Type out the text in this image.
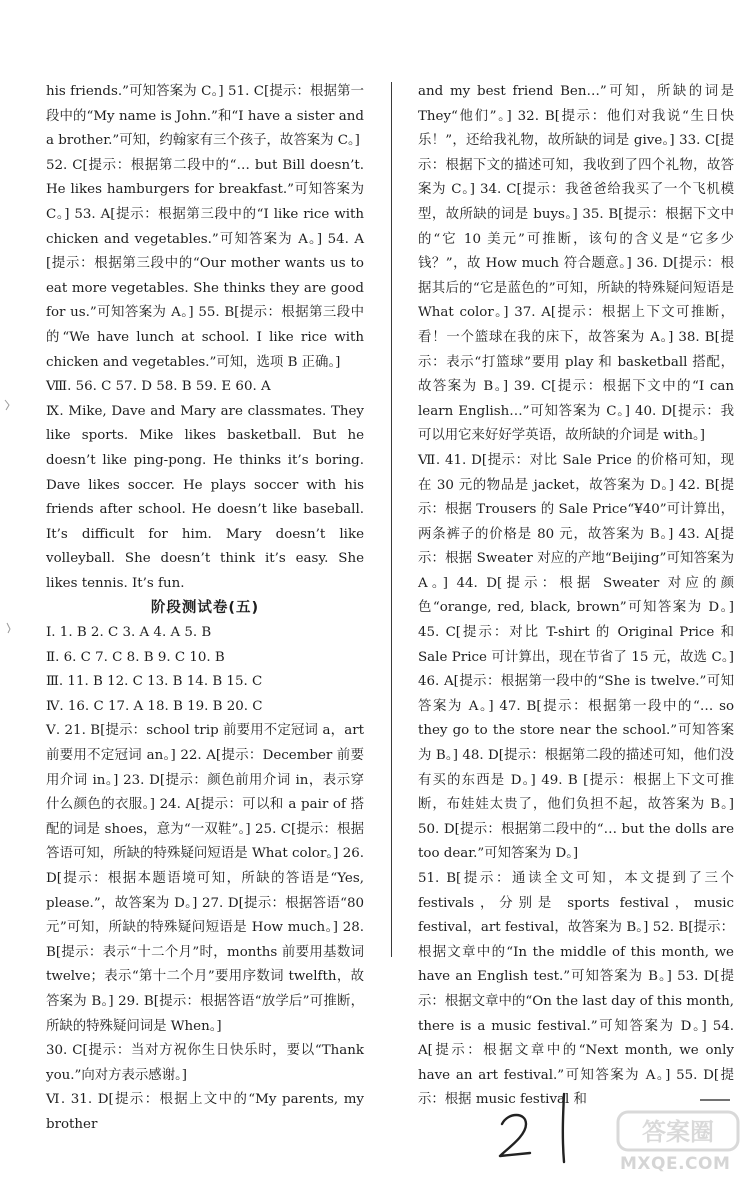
his friends.”可知答案为 C。] 51. C[提示：根据第一段中的“My name is John.”和“I have a sister and a brother.”可知，约翰家有三个孩子，故答案为 C。]

52. C[提示：根据第二段中的“… but Bill doesn’t. He likes hamburgers for breakfast.”可知答案为 C。] 53. A[提示：根据第三段中的“I like rice with chicken and vegetables.”可知答案为 A。] 54. A [提示：根据第三段中的“Our mother wants us to eat more vegetables. She thinks they are good for us.”可知答案为 A。] 55. B[提示：根据第三段中的“We have lunch at school. I like rice with chicken and vegetables.”可知，选项 B 正确。]

Ⅷ. 56. C 57. D 58. B 59. E 60. A

Ⅸ. Mike, Dave and Mary are classmates. They like sports. Mike likes basketball. But he doesn’t like ping-pong. He thinks it’s boring. Dave likes soccer. He plays soccer with his friends after school. He doesn’t like baseball. It’s difficult for him. Mary doesn’t like volleyball. She doesn’t think it’s easy. She likes tennis. It’s fun.

阶段测试卷(五)

Ⅰ. 1. B 2. C 3. A 4. A 5. B

Ⅱ. 6. C 7. C 8. B 9. C 10. B

Ⅲ. 11. B 12. C 13. B 14. B 15. C

Ⅳ. 16. C 17. A 18. B 19. B 20. C

Ⅴ. 21. B[提示：school trip 前要用不定冠词 a，art 前要用不定冠词 an。] 22. A[提示：December 前要用介词 in。] 23. D[提示：颜色前用介词 in，表示穿什么颜色的衣服。] 24. A[提示：可以和 a pair of 搭配的词是 shoes，意为“一双鞋”。] 25. C[提示：根据答语可知，所缺的特殊疑问短语是 What color。] 26. D[提示：根据本题语境可知，所缺的答语是“Yes, please.”，故答案为 D。] 27. D[提示：根据答语“80 元”可知，所缺的特殊疑问短语是 How much。] 28. B[提示：表示“十二个月”时，months 前要用基数词 twelve；表示“第十二个月”要用序数词 twelfth，故答案为 B。] 29. B[提示：根据答语“放学后”可推断，所缺的特殊疑问词是 When。]

30. C[提示：当对方祝你生日快乐时，要以“Thank you.”向对方表示感谢。]

Ⅵ. 31. D[提示：根据上文中的“My parents, my brother

and my best friend Ben…”可知，所缺的词是 They“他们”。] 32. B[提示：他们对我说“生日快乐！”，还给我礼物，故所缺的词是 give。] 33. C[提示：根据下文的描述可知，我收到了四个礼物，故答案为 C。] 34. C[提示：我爸爸给我买了一个飞机模型，故所缺的词是 buys。] 35. B[提示：根据下文中的“它 10 美元”可推断，该句的含义是“它多少钱？”，故 How much 符合题意。] 36. D[提示：根据其后的“它是蓝色的”可知，所缺的特殊疑问短语是 What color。] 37. A[提示：根据上下文可推断，看！一个篮球在我的床下，故答案为 A。] 38. B[提示：表示“打篮球”要用 play 和 basketball 搭配，故答案为 B。] 39. C[提示：根据下文中的“I can learn English…”可知答案为 C。] 40. D[提示：我可以用它来好好学英语，故所缺的介词是 with。]

Ⅶ. 41. D[提示：对比 Sale Price 的价格可知，现在 30 元的物品是 jacket，故答案为 D。] 42. B[提示：根据 Trousers 的 Sale Price“¥40”可计算出，两条裤子的价格是 80 元，故答案为 B。] 43. A[提示：根据 Sweater 对应的产地“Beijing”可知答案为 A。] 44. D[提示：根据 Sweater 对应的颜色“orange, red, black, brown”可知答案为 D。] 45. C[提示：对比 T-shirt 的 Original Price 和 Sale Price 可计算出，现在节省了 15 元，故选 C。] 46. A[提示：根据第一段中的“She is twelve.”可知答案为 A。] 47. B[提示：根据第一段中的“… so they go to the store near the school.”可知答案为 B。] 48. D[提示：根据第二段的描述可知，他们没有买的东西是 D。] 49. B [提示：根据上下文可推断，布娃娃太贵了，他们负担不起，故答案为 B。] 50. D[提示：根据第二段中的“… but the dolls are too dear.”可知答案为 D。]

51. B[提示：通读全文可知，本文提到了三个 festivals，分别是 sports festival，music festival，art festival，故答案为 B。] 52. B[提示：根据文章中的“In the middle of this month, we have an English test.”可知答案为 B。] 53. D[提示：根据文章中的“On the last day of this month, there is a music festival.”可知答案为 D。] 54. A[提示：根据文章中的“Next month, we only have an art festival.”可知答案为 A。] 55. D[提示：根据 music festival 和

答案圈
MXQE.COM
